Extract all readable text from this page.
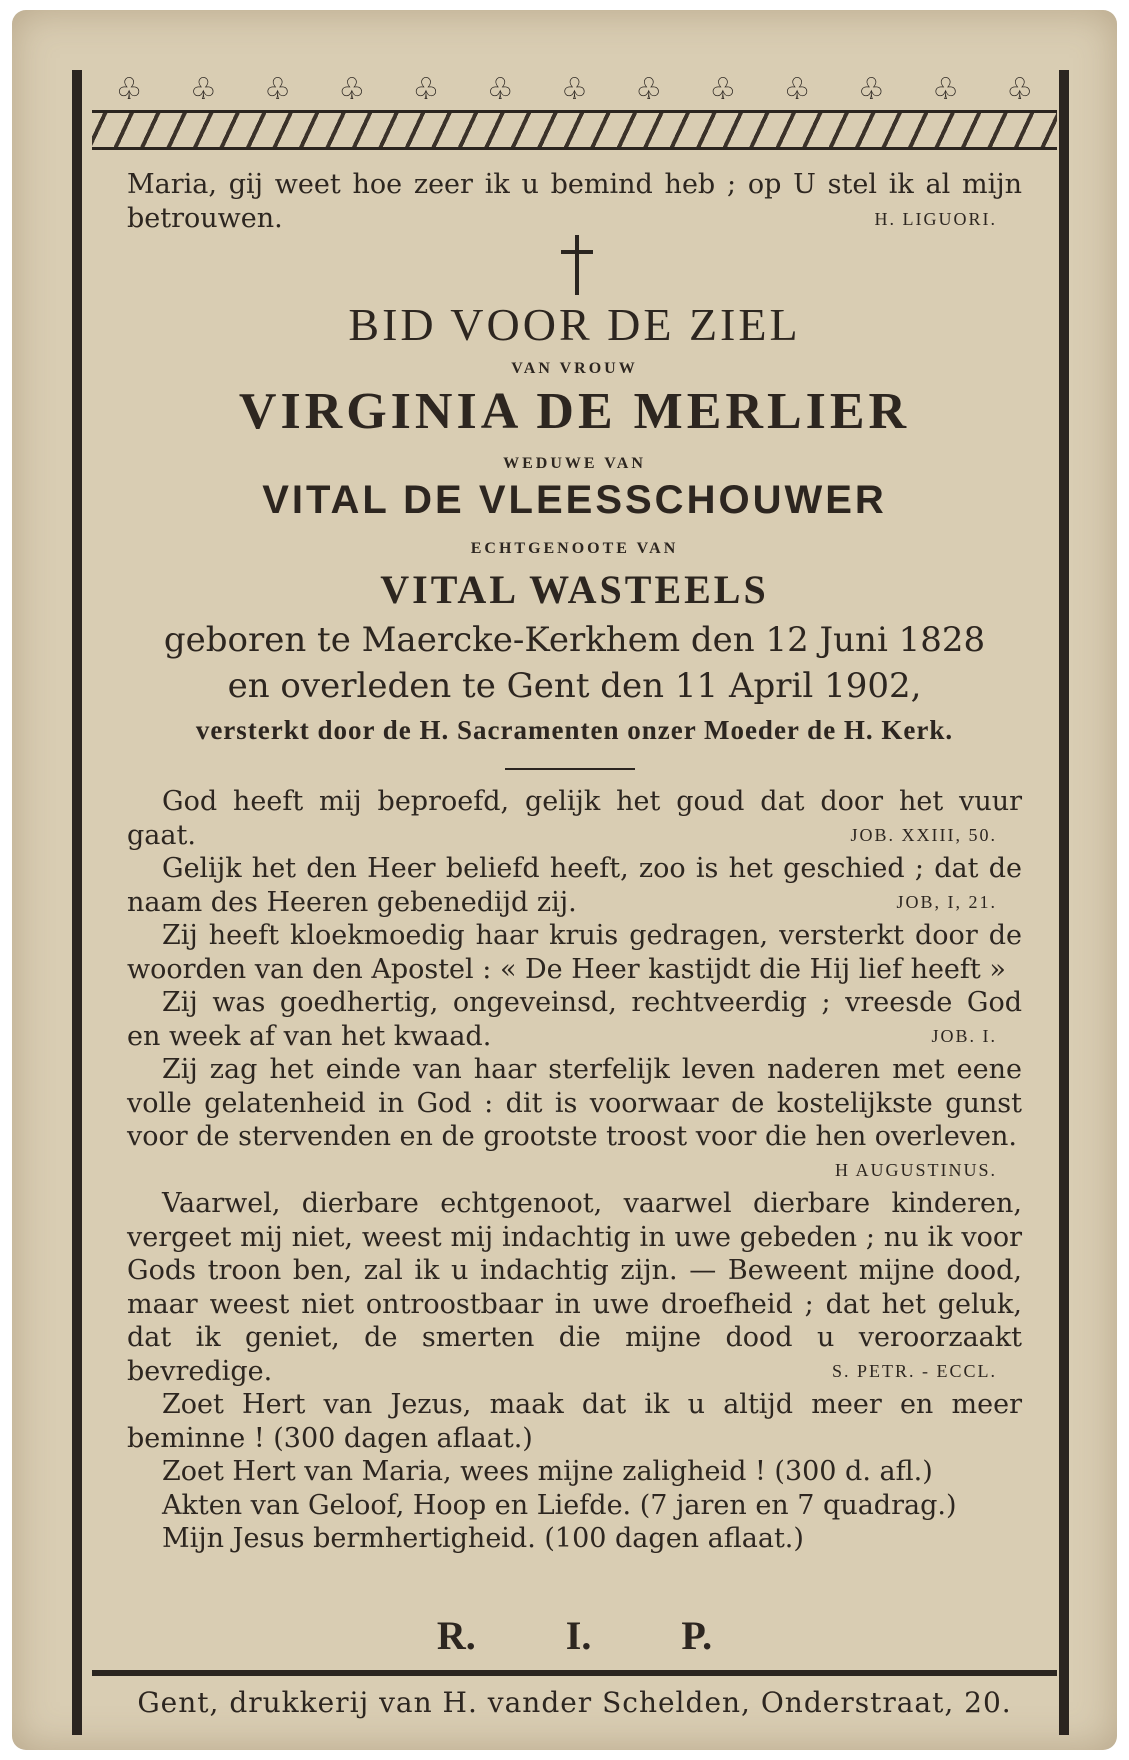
♧ ♧ ♧ ♧ ♧ ♧ ♧ ♧ ♧ ♧ ♧ ♧ ♧
Maria, gij weet hoe zeer ik u bemind heb ; op U stel ik al mijn betrouwen.	H. LIGUORI.
BID VOOR DE ZIEL
VAN VROUW
VIRGINIA DE MERLIER
WEDUWE VAN
VITAL DE VLEESSCHOUWER
ECHTGENOOTE VAN
VITAL WASTEELS
geboren te Maercke-Kerkhem den 12 Juni 1828
en overleden te Gent den 11 April 1902,
versterkt door de H. Sacramenten onzer Moeder de H. Kerk.

God heeft mij beproefd, gelijk het goud dat door het vuur gaat.	JOB. XXIII, 50.

Gelijk het den Heer beliefd heeft, zoo is het geschied ; dat de naam des Heeren gebenedijd zij.	JOB, I, 21.

Zij heeft kloekmoedig haar kruis gedragen, versterkt door de woorden van den Apostel : « De Heer kastijdt die Hij lief heeft »

Zij was goedhertig, ongeveinsd, rechtveerdig ; vreesde God en week af van het kwaad.	JOB. I.

Zij zag het einde van haar sterfelijk leven naderen met eene volle gelatenheid in God : dit is voorwaar de kostelijkste gunst voor de stervenden en de grootste troost voor die hen overleven.

H AUGUSTINUS.

Vaarwel, dierbare echtgenoot, vaarwel dierbare kinderen, vergeet mij niet, weest mij indachtig in uwe gebeden ; nu ik voor Gods troon ben, zal ik u indachtig zijn. — Beweent mijne dood, maar weest niet ontroostbaar in uwe droefheid ; dat het geluk, dat ik geniet, de smerten die mijne dood u veroorzaakt bevredige.	S. PETR. - ECCL.

Zoet Hert van Jezus, maak dat ik u altijd meer en meer beminne ! (300 dagen aflaat.)

Zoet Hert van Maria, wees mijne zaligheid ! (300 d. afl.)

Akten van Geloof, Hoop en Liefde. (7 jaren en 7 quadrag.)

Mijn Jesus bermhertigheid. (100 dagen aflaat.)

R. I. P.
Gent, drukkerij van H. vander Schelden, Onderstraat, 20.
